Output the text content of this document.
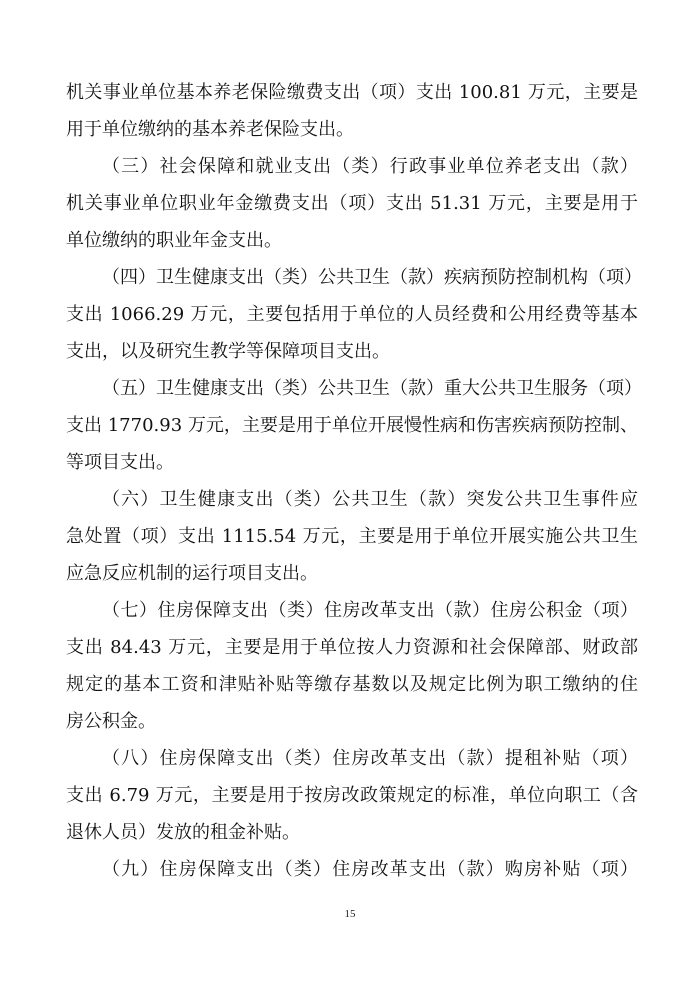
机关事业单位基本养老保险缴费支出（项）支出 100.81 万元，主要是
用于单位缴纳的基本养老保险支出。
（三）社会保障和就业支出（类）行政事业单位养老支出（款）
机关事业单位职业年金缴费支出（项）支出 51.31 万元，主要是用于
单位缴纳的职业年金支出。
（四）卫生健康支出（类）公共卫生（款）疾病预防控制机构（项）
支出 1066.29 万元，主要包括用于单位的人员经费和公用经费等基本
支出，以及研究生教学等保障项目支出。
（五）卫生健康支出（类）公共卫生（款）重大公共卫生服务（项）
支出 1770.93 万元，主要是用于单位开展慢性病和伤害疾病预防控制、
等项目支出。
（六）卫生健康支出（类）公共卫生（款）突发公共卫生事件应
急处置（项）支出 1115.54 万元，主要是用于单位开展实施公共卫生
应急反应机制的运行项目支出。
（七）住房保障支出（类）住房改革支出（款）住房公积金（项）
支出 84.43 万元，主要是用于单位按人力资源和社会保障部、财政部
规定的基本工资和津贴补贴等缴存基数以及规定比例为职工缴纳的住
房公积金。
（八）住房保障支出（类）住房改革支出（款）提租补贴（项）
支出 6.79 万元，主要是用于按房改政策规定的标准，单位向职工（含
退休人员）发放的租金补贴。
（九）住房保障支出（类）住房改革支出（款）购房补贴（项）
15
